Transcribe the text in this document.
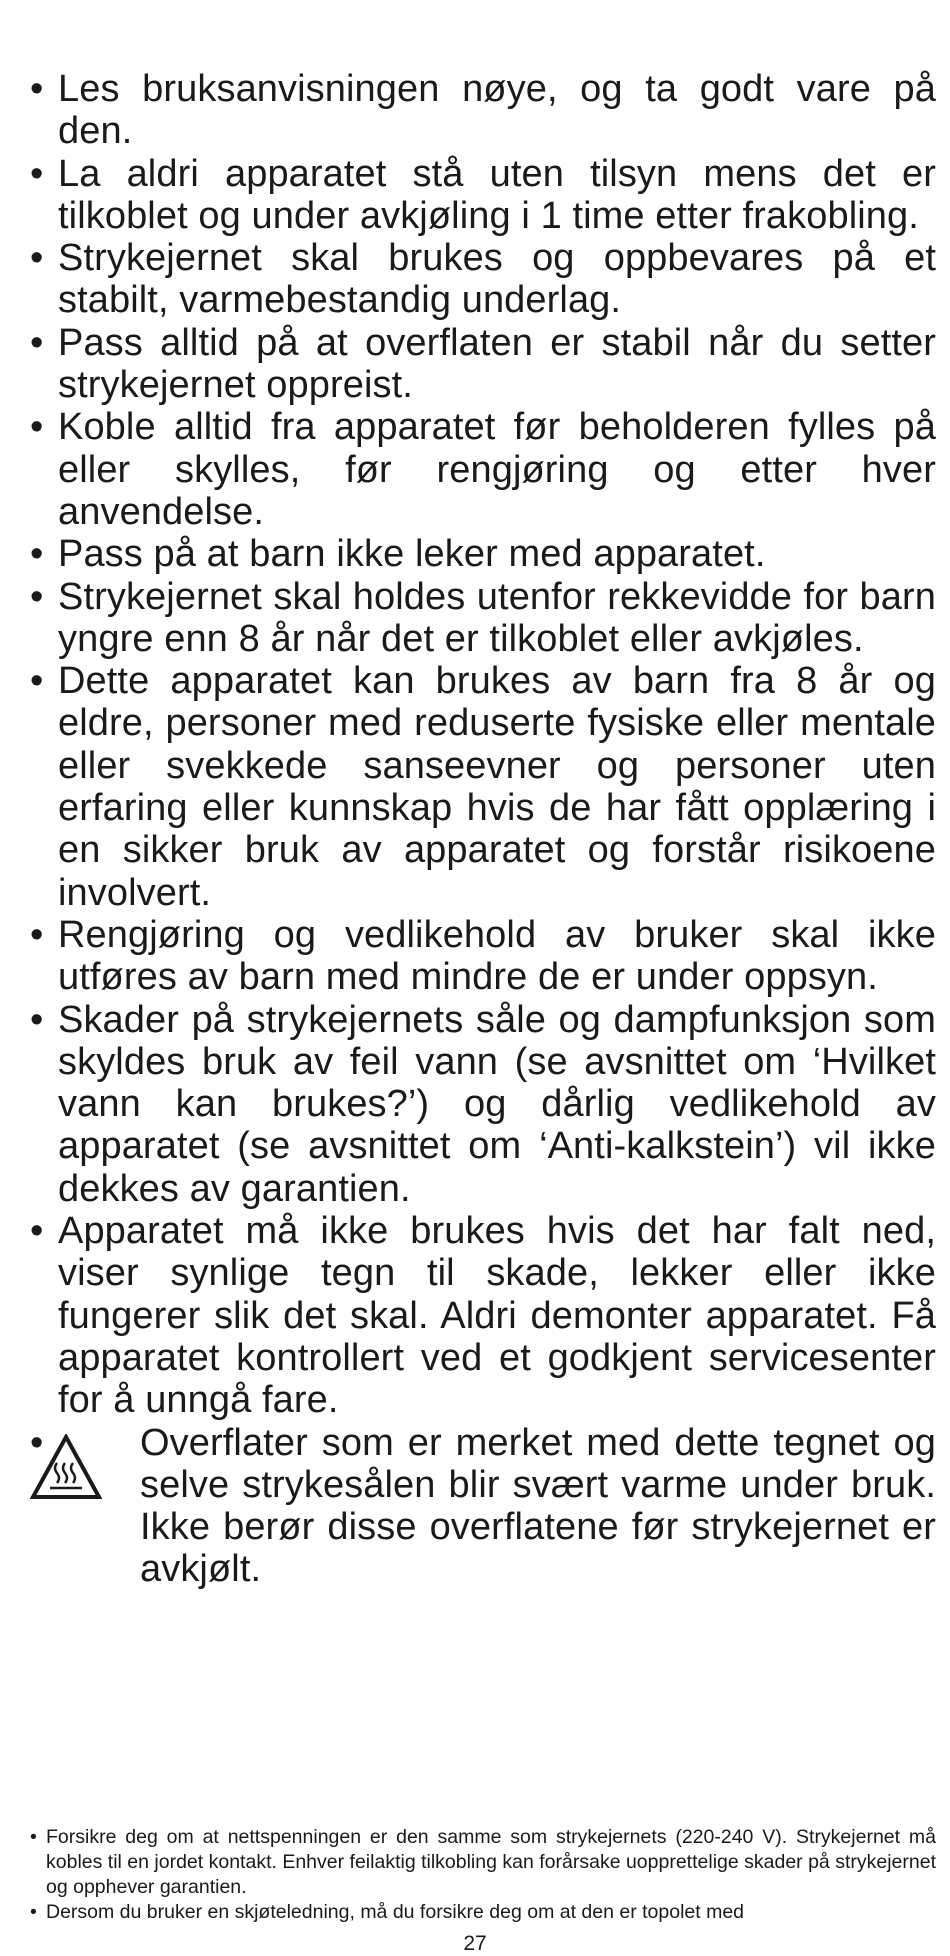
• Les bruksanvisningen nøye, og ta godt vare på den.
• La aldri apparatet stå uten tilsyn mens det er tilkoblet og under avkjøling i 1 time etter frakobling.
• Strykejernet skal brukes og oppbevares på et stabilt, varmebestandig underlag.
• Pass alltid på at overflaten er stabil når du setter strykejernet oppreist.
• Koble alltid fra apparatet før beholderen fylles på eller skylles, før rengjøring og etter hver anvendelse.
• Pass på at barn ikke leker med apparatet.
• Strykejernet skal holdes utenfor rekkevidde for barn yngre enn 8 år når det er tilkoblet eller avkjøles.
• Dette apparatet kan brukes av barn fra 8 år og eldre, personer med reduserte fysiske eller mentale eller svekkede sanseevner og personer uten erfaring eller kunnskap hvis de har fått opplæring i en sikker bruk av apparatet og forstår risikoene involvert.
• Rengjøring og vedlikehold av bruker skal ikke utføres av barn med mindre de er under oppsyn.
• Skader på strykejernets såle og dampfunksjon som skyldes bruk av feil vann (se avsnittet om ‘Hvilket vann kan brukes?’) og dårlig vedlikehold av apparatet (se avsnittet om ‘Anti-kalkstein’) vil ikke dekkes av garantien.
• Apparatet må ikke brukes hvis det har falt ned, viser synlige tegn til skade, lekker eller ikke fungerer slik det skal. Aldri demonter apparatet. Få apparatet kontrollert ved et godkjent servicesenter for å unngå fare.
•	Overflater som er merket med dette tegnet og selve strykesålen blir svært varme under bruk. Ikke berør disse overflatene før strykejernet er avkjølt.
• Forsikre deg om at nettspenningen er den samme som strykejernets (220-240 V). Strykejernet må kobles til en jordet kontakt. Enhver feilaktig tilkobling kan forårsake uopprettelige skader på strykejernet og opphever garantien.
• Dersom du bruker en skjøteledning, må du forsikre deg om at den er topolet med
27
